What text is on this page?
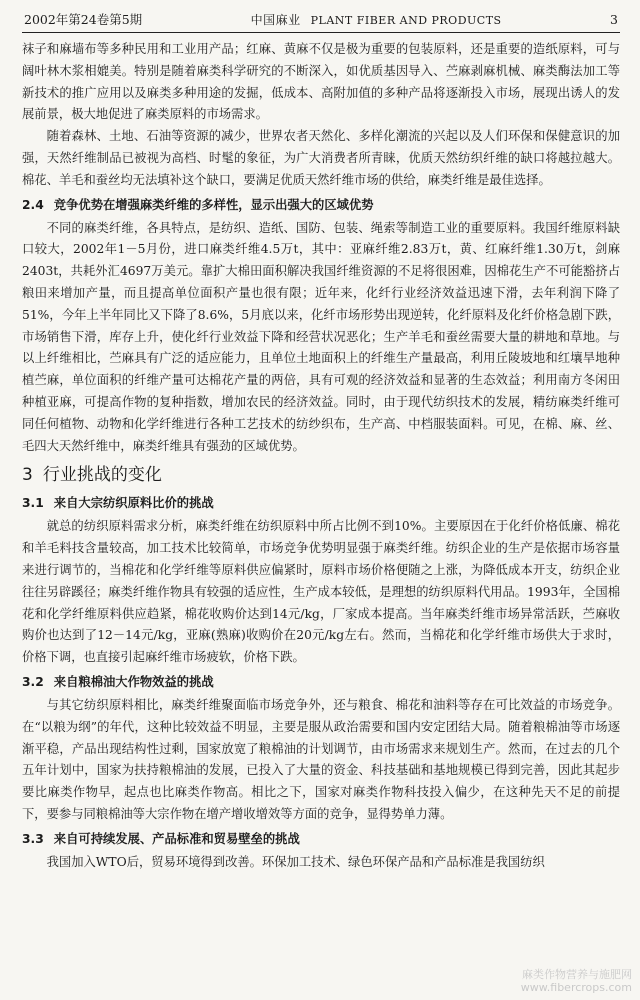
2002年第24卷第5期	中国麻业 PLANT FIBER AND PRODUCTS	3

袜子和麻墙布等多种民用和工业用产品；红麻、黄麻不仅是极为重要的包装原料，还是重要的造纸原料，可与阔叶林木浆相媲美。特别是随着麻类科学研究的不断深入，如优质基因导入、苎麻剥麻机械、麻类酶法加工等新技术的推广应用以及麻类多种用途的发掘，低成本、高附加值的多种产品将逐渐投入市场，展现出诱人的发展前景，极大地促进了麻类原料的市场需求。

随着森林、土地、石油等资源的减少，世界农者天然化、多样化潮流的兴起以及人们环保和保健意识的加强，天然纤维制品已被视为高档、时髦的象征，为广大消费者所青睐，优质天然纺织纤维的缺口将越拉越大。棉花、羊毛和蚕丝均无法填补这个缺口，要满足优质天然纤维市场的供给，麻类纤维是最佳选择。

2.4 竞争优势在增强麻类纤维的多样性，显示出强大的区域优势

不同的麻类纤维，各具特点，是纺织、造纸、国防、包装、绳索等制造工业的重要原料。我国纤维原料缺口较大，2002年1－5月份，进口麻类纤维4.5万t，其中：亚麻纤维2.83万t，黄、红麻纤维1.30万t，剑麻2403t，共耗外汇4697万美元。靠扩大棉田面积解决我国纤维资源的不足将很困难，因棉花生产不可能豁挤占粮田来增加产量，而且提高单位面积产量也很有限；近年来，化纤行业经济效益迅速下滑，去年利润下降了51%，今年上半年同比又下降了8.6%，5月底以来，化纤市场形势出现逆转，化纤原料及化纤价格急剧下跌，市场销售下滑，库存上升，使化纤行业效益下降和经营状况恶化；生产羊毛和蚕丝需要大量的耕地和草地。与以上纤维相比，苎麻具有广泛的适应能力，且单位土地面积上的纤维生产量最高，利用丘陵坡地和红壤旱地种植苎麻，单位面积的纤维产量可达棉花产量的两倍，具有可观的经济效益和显著的生态效益；利用南方冬闲田种植亚麻，可提高作物的复种指数，增加农民的经济效益。同时，由于现代纺织技术的发展，精纺麻类纤维可同任何植物、动物和化学纤维进行各种工艺技术的纺纱织布，生产高、中档服装面料。可见，在棉、麻、丝、毛四大天然纤维中，麻类纤维具有强劲的区域优势。

3 行业挑战的变化
3.1 来自大宗纺织原料比价的挑战

就总的纺织原料需求分析，麻类纤维在纺织原料中所占比例不到10%。主要原因在于化纤价格低廉、棉花和羊毛料技含量较高，加工技术比较简单，市场竞争优势明显强于麻类纤维。纺织企业的生产是依据市场容量来进行调节的，当棉花和化学纤维等原料供应偏紧时，原料市场价格便随之上涨，为降低成本开支，纺织企业往往另辟蹊径；麻类纤维作物具有较强的适应性，生产成本较低，是理想的纺织原料代用品。1993年，全国棉花和化学纤维原料供应趋紧，棉花收购价达到14元/kg，厂家成本提高。当年麻类纤维市场异常活跃，苎麻收购价也达到了12－14元/kg，亚麻(熟麻)收购价在20元/kg左右。然而，当棉花和化学纤维市场供大于求时，价格下调，也直接引起麻纤维市场疲软，价格下跌。

3.2 来自粮棉油大作物效益的挑战

与其它纺织原料相比，麻类纤维聚面临市场竞争外，还与粮食、棉花和油料等存在可比效益的市场竞争。在“以粮为纲”的年代，这种比较效益不明显，主要是服从政治需要和国内安定团结大局。随着粮棉油等市场逐渐平稳，产品出现结构性过剩，国家放宽了粮棉油的计划调节，由市场需求来规划生产。然而，在过去的几个五年计划中，国家为扶持粮棉油的发展，已投入了大量的资金、科技基础和基地规模已得到完善，因此其起步要比麻类作物早，起点也比麻类作物高。相比之下，国家对麻类作物科技投入偏少，在这种先天不足的前提下，要参与同粮棉油等大宗作物在增产增收增效等方面的竞争，显得势单力薄。

3.3 来自可持续发展、产品标准和贸易壁垒的挑战

我国加入WTO后，贸易环境得到改善。环保加工技术、绿色环保产品和产品标准是我国纺织

麻类作物营养与施肥网
www.fibercrops.com
